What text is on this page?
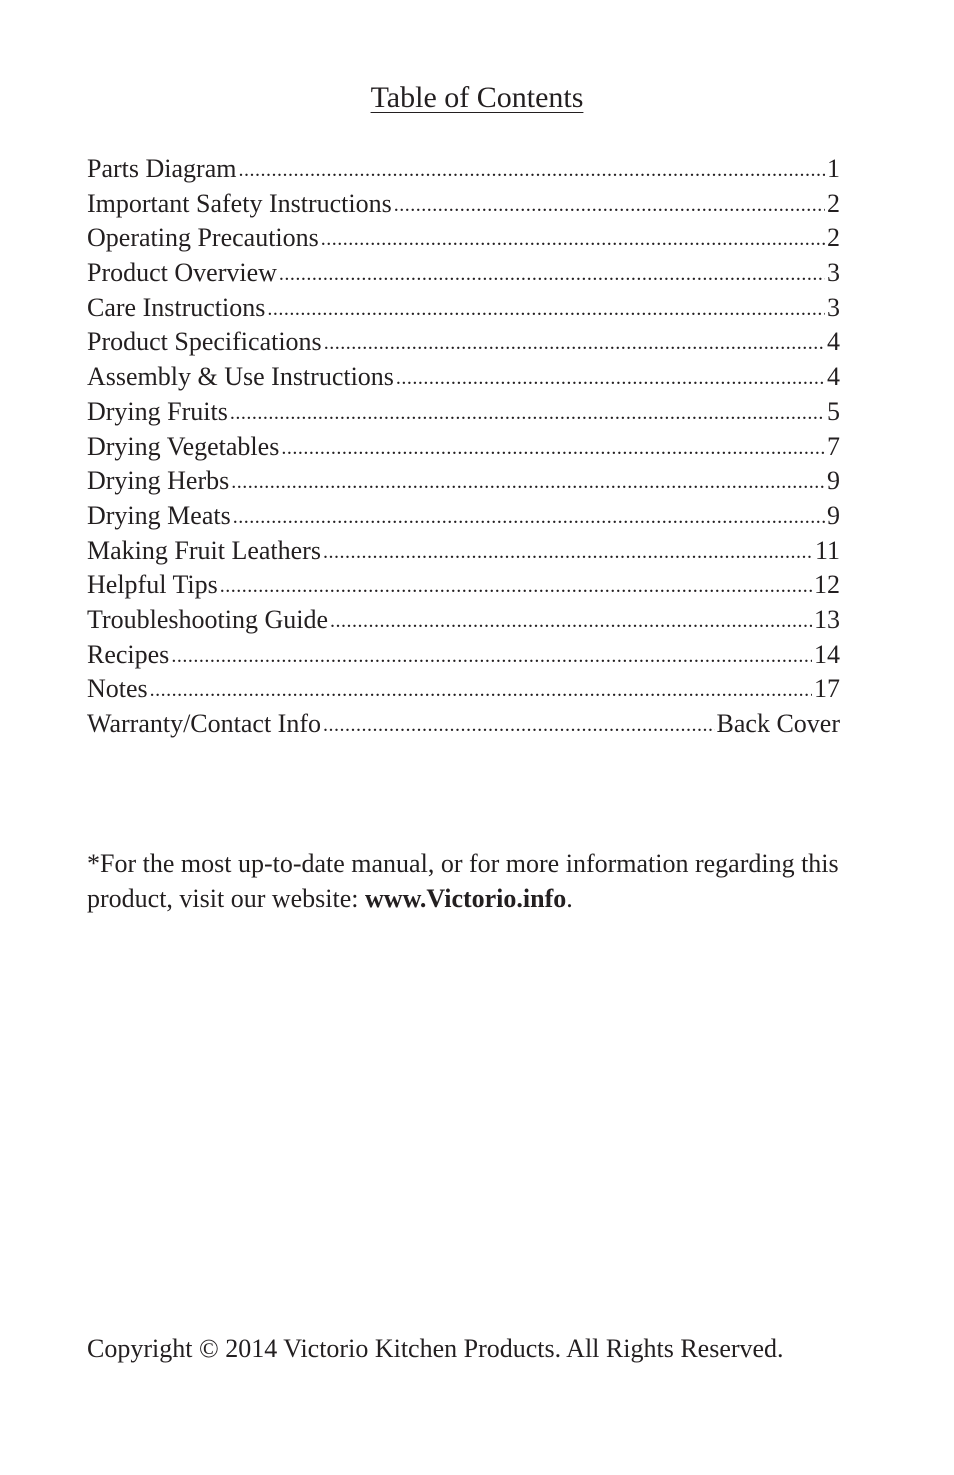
Table of Contents
Parts Diagram .....	1
Important Safety Instructions .....	2
Operating Precautions .....	2
Product Overview .....	3
Care Instructions .....	3
Product Specifications .....	4
Assembly & Use Instructions .....	4
Drying Fruits .....	5
Drying Vegetables .....	7
Drying Herbs .....	9
Drying Meats .....	9
Making Fruit Leathers .....	11
Helpful Tips .....	12
Troubleshooting Guide .....	13
Recipes .....	14
Notes .....	17
Warranty/Contact Info .....	Back Cover

*For the most up-to-date manual, or for more information regarding this product, visit our website: www.Victorio.info.

Copyright © 2014 Victorio Kitchen Products. All Rights Reserved.
